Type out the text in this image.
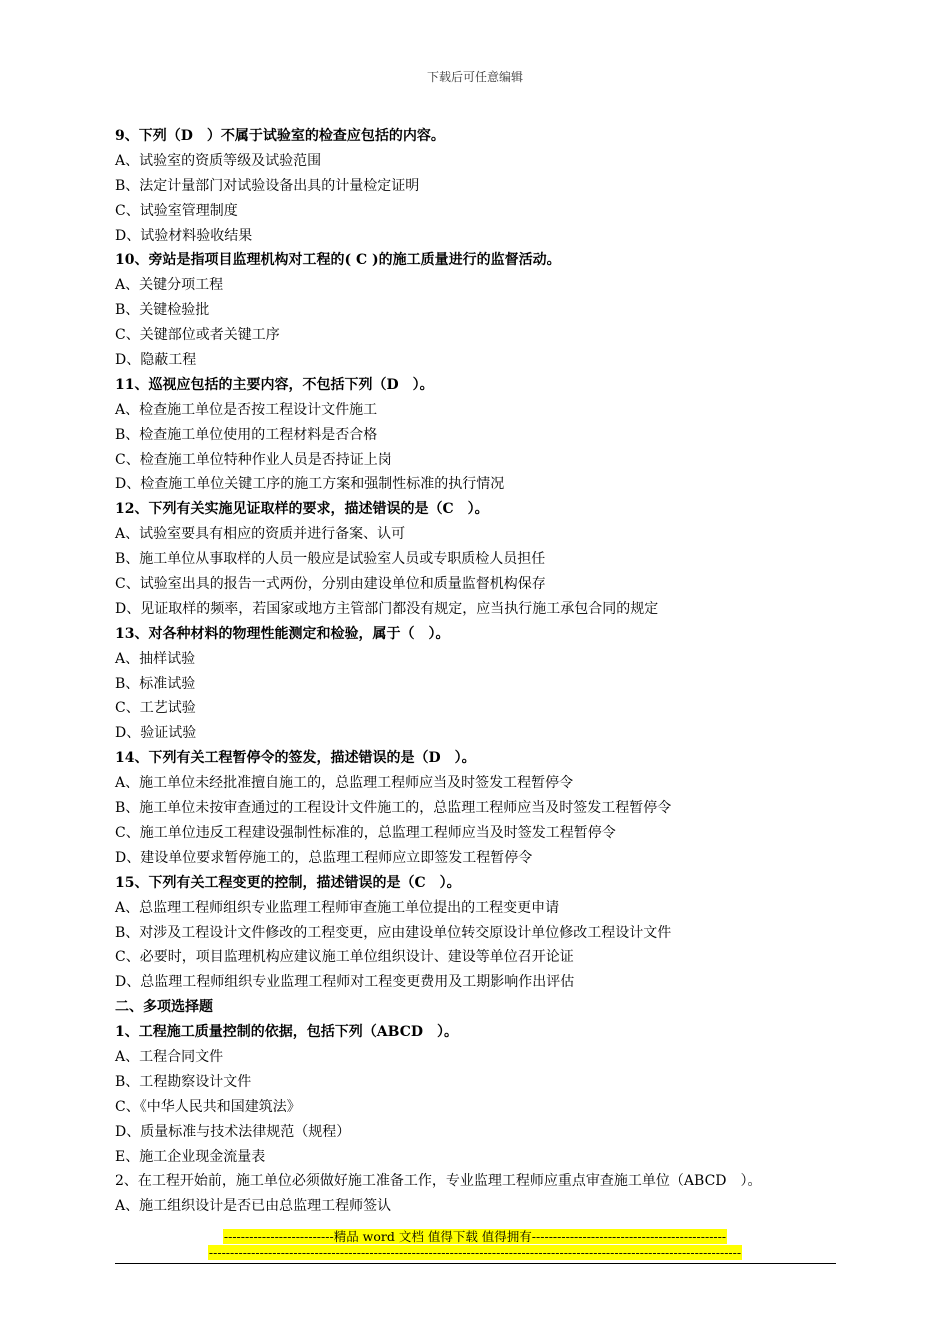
下载后可任意编辑
9、下列（D　）不属于试验室的检查应包括的内容。
A、试验室的资质等级及试验范围
B、法定计量部门对试验设备出具的计量检定证明
C、试验室管理制度
D、试验材料验收结果
10、旁站是指项目监理机构对工程的( C )的施工质量进行的监督活动。
A、关键分项工程
B、关键检验批
C、关键部位或者关键工序
D、隐蔽工程
11、巡视应包括的主要内容，不包括下列（D　）。
A、检查施工单位是否按工程设计文件施工
B、检查施工单位使用的工程材料是否合格
C、检查施工单位特种作业人员是否持证上岗
D、检查施工单位关键工序的施工方案和强制性标准的执行情况
12、下列有关实施见证取样的要求，描述错误的是（C　）。
A、试验室要具有相应的资质并进行备案、认可
B、施工单位从事取样的人员一般应是试验室人员或专职质检人员担任
C、试验室出具的报告一式两份，分别由建设单位和质量监督机构保存
D、见证取样的频率，若国家或地方主管部门都没有规定，应当执行施工承包合同的规定
13、对各种材料的物理性能测定和检验，属于（　）。
A、抽样试验
B、标准试验
C、工艺试验
D、验证试验
14、下列有关工程暂停令的签发，描述错误的是（D　）。
A、施工单位未经批准擅自施工的，总监理工程师应当及时签发工程暂停令
B、施工单位未按审查通过的工程设计文件施工的，总监理工程师应当及时签发工程暂停令
C、施工单位违反工程建设强制性标准的，总监理工程师应当及时签发工程暂停令
D、建设单位要求暂停施工的，总监理工程师应立即签发工程暂停令
15、下列有关工程变更的控制，描述错误的是（C　）。
A、总监理工程师组织专业监理工程师审查施工单位提出的工程变更申请
B、对涉及工程设计文件修改的工程变更，应由建设单位转交原设计单位修改工程设计文件
C、必要时，项目监理机构应建议施工单位组织设计、建设等单位召开论证
D、总监理工程师组织专业监理工程师对工程变更费用及工期影响作出评估
二、多项选择题
1、工程施工质量控制的依据，包括下列（ABCD　）。
A、工程合同文件
B、工程勘察设计文件
C、《中华人民共和国建筑法》
D、质量标准与技术法律规范（规程）
E、施工企业现金流量表
2、在工程开始前，施工单位必须做好施工准备工作，专业监理工程师应重点审查施工单位（ABCD　）。
A、施工组织设计是否已由总监理工程师签认
--------------------------精品 word 文档 值得下载 值得拥有----------------------------------------------
------------------------------------------------------------------------------------------------------------------------------
